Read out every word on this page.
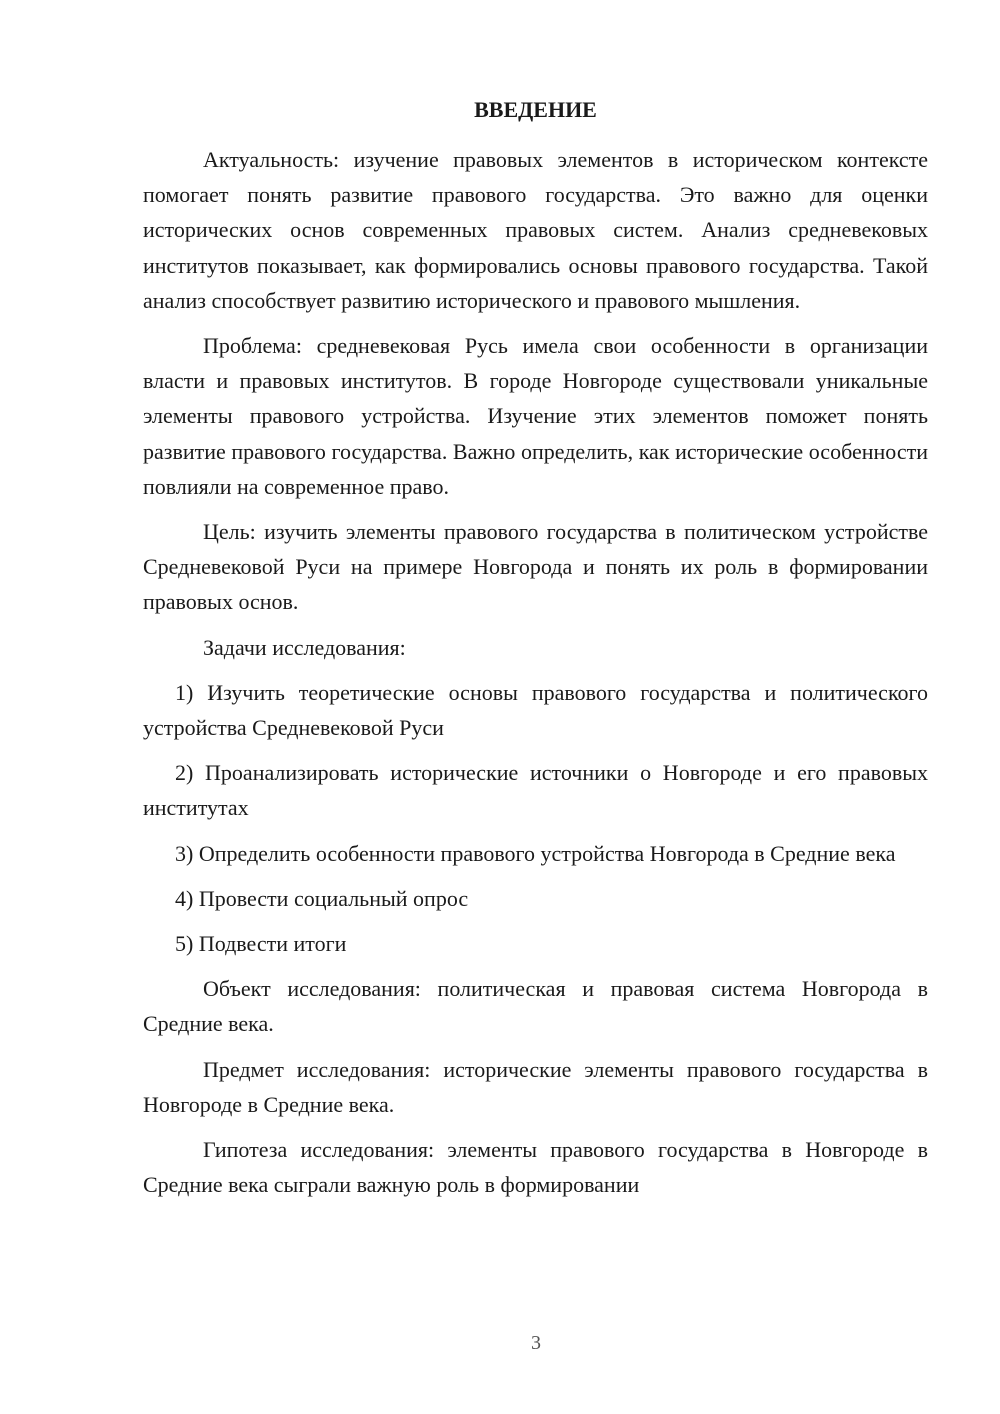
ВВЕДЕНИЕ

Актуальность: изучение правовых элементов в историческом контексте помогает понять развитие правового государства. Это важно для оценки исторических основ современных правовых систем. Анализ средневековых институтов показывает, как формировались основы правового государства. Такой анализ способствует развитию исторического и правового мышления.

Проблема: средневековая Русь имела свои особенности в организации власти и правовых институтов. В городе Новгороде существовали уникальные элементы правового устройства. Изучение этих элементов поможет понять развитие правового государства. Важно определить, как исторические особенности повлияли на современное право.

Цель: изучить элементы правового государства в политическом устройстве Средневековой Руси на примере Новгорода и понять их роль в формировании правовых основ.

Задачи исследования:

1) Изучить теоретические основы правового государства и политического устройства Средневековой Руси

2) Проанализировать исторические источники о Новгороде и его правовых институтах

3) Определить особенности правового устройства Новгорода в Средние века

4) Провести социальный опрос

5) Подвести итоги

Объект исследования: политическая и правовая система Новгорода в Средние века.

Предмет исследования: исторические элементы правового государства в Новгороде в Средние века.

Гипотеза исследования: элементы правового государства в Новгороде в Средние века сыграли важную роль в формировании

3
